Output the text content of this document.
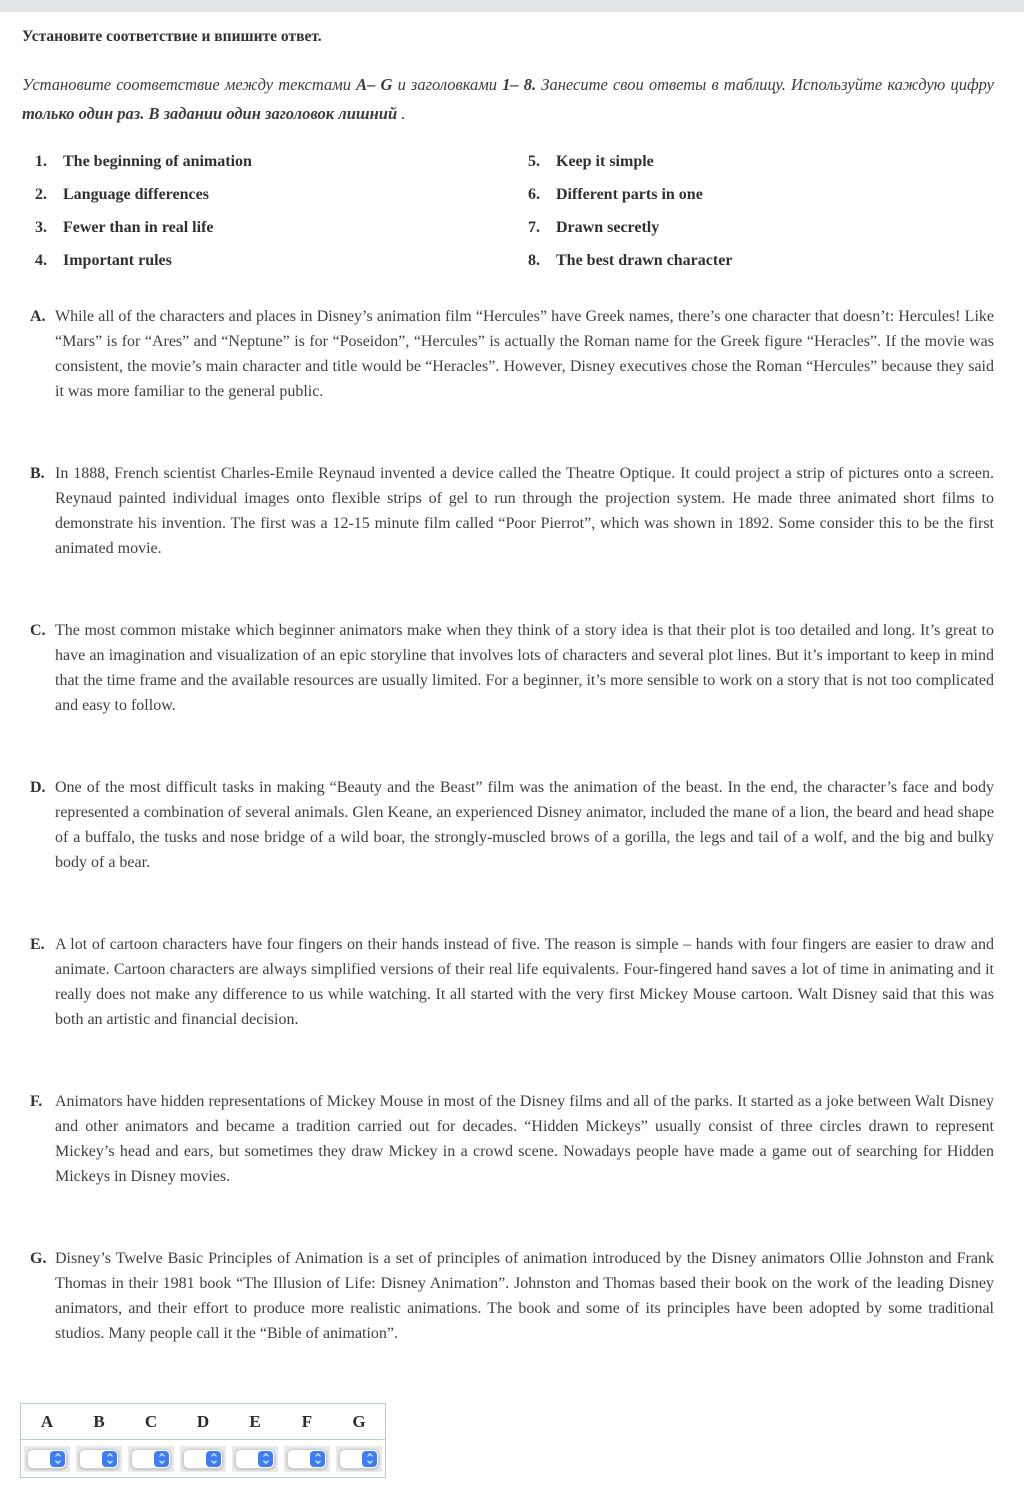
Установите соответствие и впишите ответ.

Установите соответствие между текстами A– G и заголовками 1– 8. Занесите свои ответы в таблицу. Используйте каждую цифру только один раз. В задании один заголовок лишний .

1.	The beginning of animation
2.	Language differences
3.	Fewer than in real life
4.	Important rules
5.	Keep it simple
6.	Different parts in one
7.	Drawn secretly
8.	The best drawn character
A. While all of the characters and places in Disney’s animation film “Hercules” have Greek names, there’s one character that doesn’t: Hercules! Like “Mars” is for “Ares” and “Neptune” is for “Poseidon”, “Hercules” is actually the Roman name for the Greek figure “Heracles”. If the movie was consistent, the movie’s main character and title would be “Heracles”. However, Disney executives chose the Roman “Hercules” because they said it was more familiar to the general public.

B. In 1888, French scientist Charles-Emile Reynaud invented a device called the Theatre Optique. It could project a strip of pictures onto a screen. Reynaud painted individual images onto flexible strips of gel to run through the projection system. He made three animated short films to demonstrate his invention. The first was a 12-15 minute film called “Poor Pierrot”, which was shown in 1892. Some consider this to be the first animated movie.

C. The most common mistake which beginner animators make when they think of a story idea is that their plot is too detailed and long. It’s great to have an imagination and visualization of an epic storyline that involves lots of characters and several plot lines. But it’s important to keep in mind that the time frame and the available resources are usually limited. For a beginner, it’s more sensible to work on a story that is not too complicated and easy to follow.

D. One of the most difficult tasks in making “Beauty and the Beast” film was the animation of the beast. In the end, the character’s face and body represented a combination of several animals. Glen Keane, an experienced Disney animator, included the mane of a lion, the beard and head shape of a buffalo, the tusks and nose bridge of a wild boar, the strongly-muscled brows of a gorilla, the legs and tail of a wolf, and the big and bulky body of a bear.

E. A lot of cartoon characters have four fingers on their hands instead of five. The reason is simple – hands with four fingers are easier to draw and animate. Cartoon characters are always simplified versions of their real life equivalents. Four-fingered hand saves a lot of time in animating and it really does not make any difference to us while watching. It all started with the very first Mickey Mouse cartoon. Walt Disney said that this was both an artistic and financial decision.

F. Animators have hidden representations of Mickey Mouse in most of the Disney films and all of the parks. It started as a joke between Walt Disney and other animators and became a tradition carried out for decades. “Hidden Mickeys” usually consist of three circles drawn to represent Mickey’s head and ears, but sometimes they draw Mickey in a crowd scene. Nowadays people have made a game out of searching for Hidden Mickeys in Disney movies.

G. Disney’s Twelve Basic Principles of Animation is a set of principles of animation introduced by the Disney animators Ollie Johnston and Frank Thomas in their 1981 book “The Illusion of Life: Disney Animation”. Johnston and Thomas based their book on the work of the leading Disney animators, and their effort to produce more realistic animations. The book and some of its principles have been adopted by some traditional studios. Many people call it the “Bible of animation”.

A	B	C	D	E	F	G
